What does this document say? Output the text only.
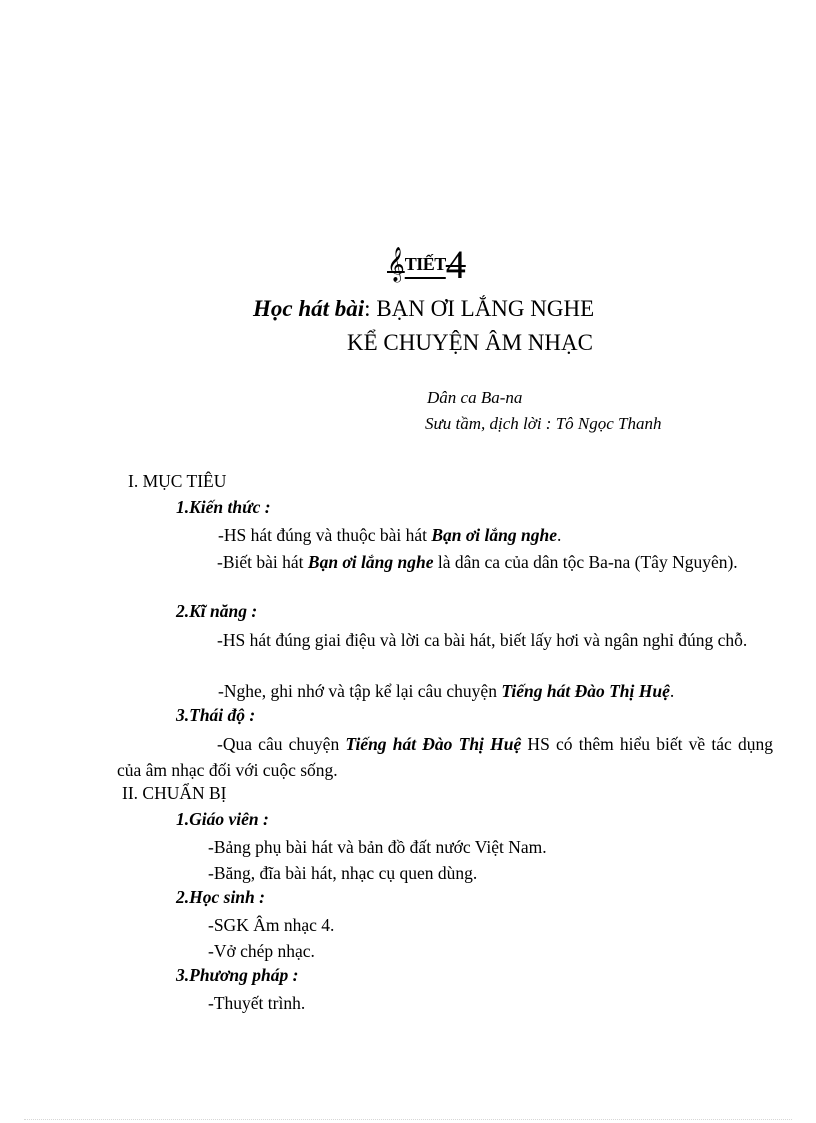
𝄞$^{TIẾT}$4
Học hát bài: BẠN ƠI LẮNG NGHE
KỂ CHUYỆN ÂM NHẠC
Dân ca Ba-na
Sưu tầm, dịch lời : Tô Ngọc Thanh
I. MỤC TIÊU
1.Kiến thức :
-HS hát đúng và thuộc bài hát Bạn ơi lắng nghe.
-Biết bài hát Bạn ơi lắng nghe là dân ca của dân tộc Ba-na (Tây Nguyên).
2.Kĩ năng :
-HS hát đúng giai điệu và lời ca bài hát, biết lấy hơi và ngân nghỉ đúng chỗ.
-Nghe, ghi nhớ và tập kể lại câu chuyện Tiếng hát Đào Thị Huệ.
3.Thái độ :
-Qua câu chuyện Tiếng hát Đào Thị Huệ HS có thêm hiểu biết về tác dụng của âm nhạc đối với cuộc sống.
II. CHUẨN BỊ
1.Giáo viên :
-Bảng phụ bài hát và bản đồ đất nước Việt Nam.
-Băng, đĩa bài hát, nhạc cụ quen dùng.
2.Học sinh :
-SGK Âm nhạc 4.
-Vở chép nhạc.
3.Phương pháp :
-Thuyết trình.
